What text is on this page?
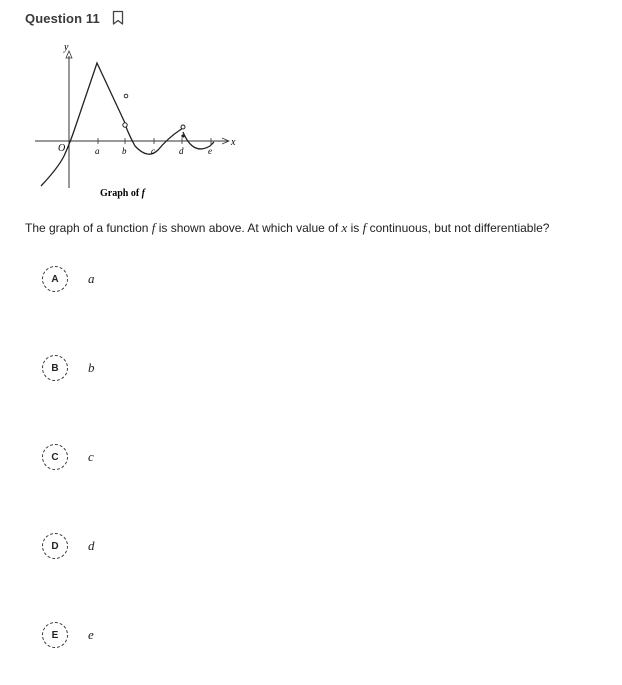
Question 11
y
x
O	a	b	c	d	e
Graph of f
The graph of a function f is shown above. At which value of x is f continuous, but not differentiable?
A	a
B	b
C	c
D	d
E	e
